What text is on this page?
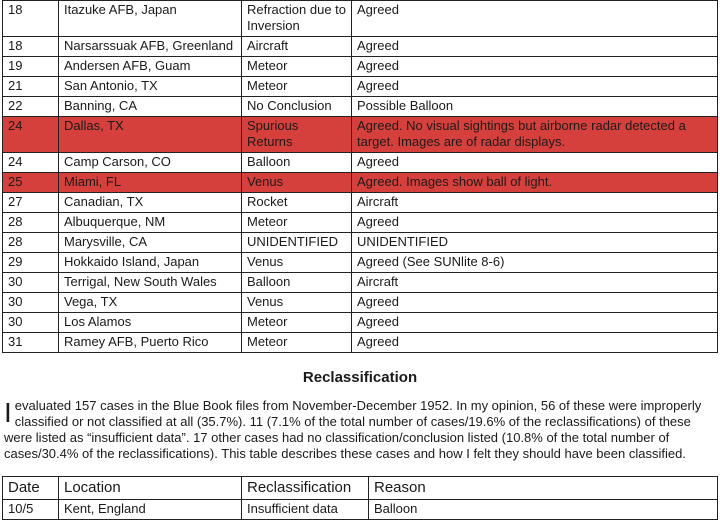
18	Itazuke AFB, Japan	Refraction due to Inversion	Agreed
18	Narsarssuak AFB, Greenland	Aircraft	Agreed
19	Andersen AFB, Guam	Meteor	Agreed
21	San Antonio, TX	Meteor	Agreed
22	Banning, CA	No Conclusion	Possible Balloon
24	Dallas, TX	Spurious Returns	Agreed. No visual sightings but airborne radar detected a target. Images are of radar displays.
24	Camp Carson, CO	Balloon	Agreed
25	Miami, FL	Venus	Agreed. Images show ball of light.
27	Canadian, TX	Rocket	Aircraft
28	Albuquerque, NM	Meteor	Agreed
28	Marysville, CA	UNIDENTIFIED	UNIDENTIFIED
29	Hokkaido Island, Japan	Venus	Agreed (See SUNlite 8-6)
30	Terrigal, New South Wales	Balloon	Aircraft
30	Vega, TX	Venus	Agreed
30	Los Alamos	Meteor	Agreed
31	Ramey AFB, Puerto Rico	Meteor	Agreed
Reclassification

I evaluated 157 cases in the Blue Book files from November-December 1952. In my opinion, 56 of these were improperly classified or not classified at all (35.7%). 11 (7.1% of the total number of cases/19.6% of the reclassifications) of these were listed as “insufficient data”. 17 other cases had no classification/conclusion listed (10.8% of the total number of cases/30.4% of the reclassifications). This table describes these cases and how I felt they should have been classified.

Date	Location	Reclassification	Reason
10/5	Kent, England	Insufficient data	Balloon
